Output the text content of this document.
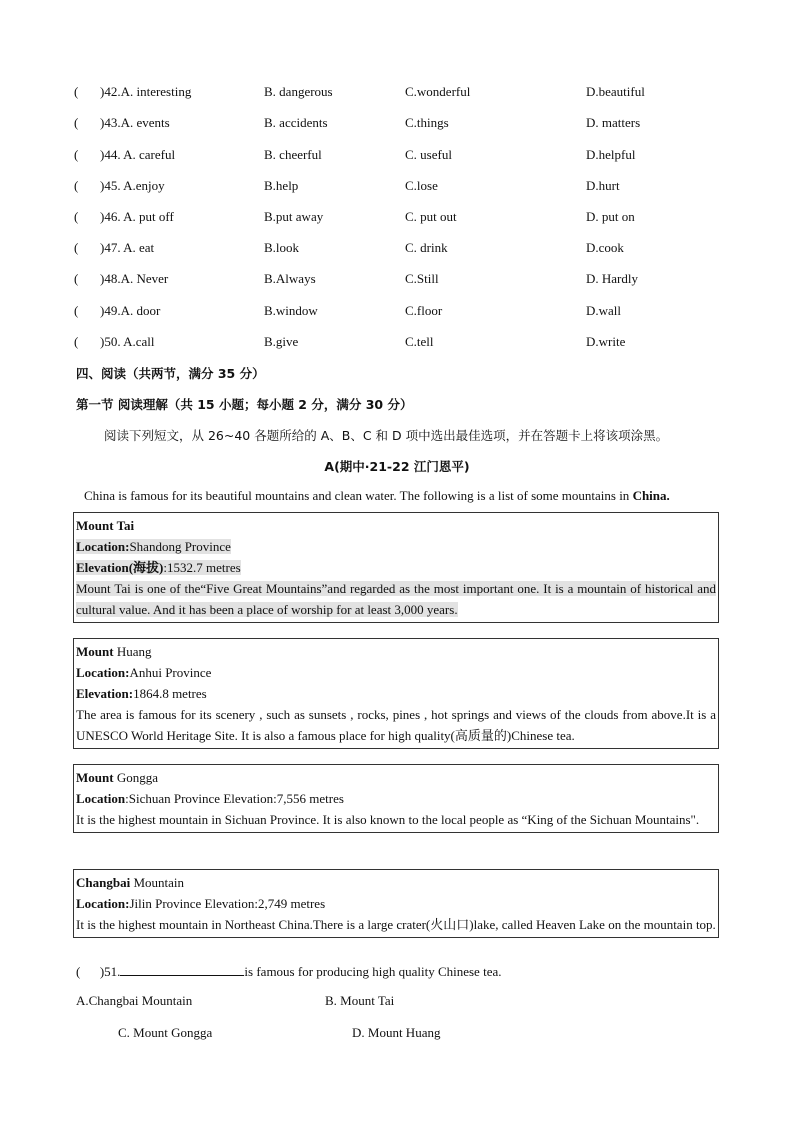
( )42.A. interesting	B. dangerous	C.wonderful	D.beautiful
( )43.A. events	B. accidents	C.things	D. matters
( )44. A. careful	B. cheerful	C. useful	D.helpful
( )45. A.enjoy	B.help	C.lose	D.hurt
( )46. A. put off	B.put away	C. put out	D. put on
( )47. A. eat	B.look	C. drink	D.cook
( )48.A. Never	B.Always	C.Still	D. Hardly
( )49.A. door	B.window	C.floor	D.wall
( )50. A.call	B.give	C.tell	D.write
四、阅读（共两节，满分 35 分）
第一节 阅读理解（共 15 小题；每小题 2 分，满分 30 分）
阅读下列短文，从 26~40 各题所给的 A、B、C 和 D 项中选出最佳选项，并在答题卡上将该项涂黑。
A(期中·21-22 江门恩平)
China is famous for its beautiful mountains and clean water. The following is a list of some mountains in China.
Mount Tai
Location:Shandong Province
Elevation(海拔):1532.7 metres
Mount Tai is one of the“Five Great Mountains”and regarded as the most important one. It is a mountain of historical and cultural value. And it has been a place of worship for at least 3,000 years.
Mount Huang
Location:Anhui Province
Elevation:1864.8 metres
The area is famous for its scenery , such as sunsets , rocks, pines , hot springs and views of the clouds from above.It is a UNESCO World Heritage Site. It is also a famous place for high quality(高质量的)Chinese tea.
Mount Gongga
Location:Sichuan Province Elevation:7,556 metres
It is the highest mountain in Sichuan Province. It is also known to the local people as “King of the Sichuan Mountains".
Changbai Mountain
Location:Jilin Province Elevation:2,749 metres
It is the highest mountain in Northeast China.There is a large crater(火山口)lake, called Heaven Lake on the mountain top.
(      )51.	is famous for producing high quality Chinese tea.
A.Changbai Mountain	B. Mount Tai
C. Mount Gongga	D. Mount Huang
